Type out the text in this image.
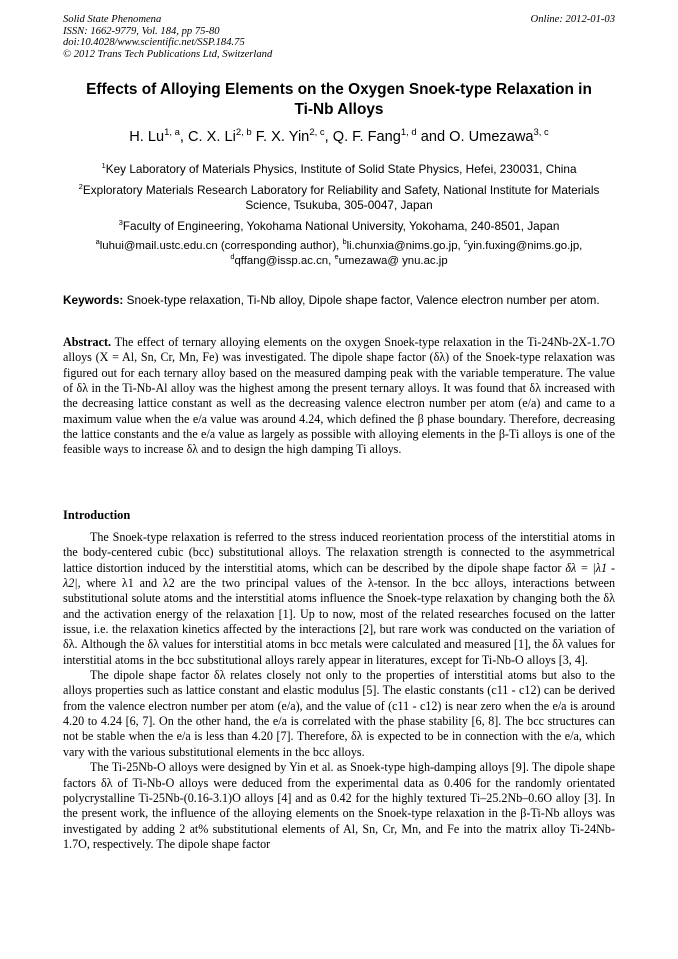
Solid State Phenomena	Online: 2012-01-03
ISSN: 1662-9779, Vol. 184, pp 75-80
doi:10.4028/www.scientific.net/SSP.184.75
© 2012 Trans Tech Publications Ltd, Switzerland
Effects of Alloying Elements on the Oxygen Snoek-type Relaxation in
Ti-Nb Alloys
H. Lu$^{1, a}$, C. X. Li$^{2, b}$ F. X. Yin$^{2, c}$, Q. F. Fang$^{1, d}$ and O. Umezawa$^{3, c}$
$^1$Key Laboratory of Materials Physics, Institute of Solid State Physics, Hefei, 230031, China
$^2$Exploratory Materials Research Laboratory for Reliability and Safety, National Institute for Materials Science, Tsukuba, 305-0047, Japan
$^3$Faculty of Engineering, Yokohama National University, Yokohama, 240-8501, Japan
$^a$luhui@mail.ustc.edu.cn (corresponding author), $^b$li.chunxia@nims.go.jp, $^c$yin.fuxing@nims.go.jp,
$^d$qffang@issp.ac.cn, $^e$umezawa@ ynu.ac.jp
Keywords: Snoek-type relaxation, Ti-Nb alloy, Dipole shape factor, Valence electron number per atom.

Abstract. The effect of ternary alloying elements on the oxygen Snoek-type relaxation in the Ti-24Nb-2X-1.7O alloys (X = Al, Sn, Cr, Mn, Fe) was investigated. The dipole shape factor (δλ) of the Snoek-type relaxation was figured out for each ternary alloy based on the measured damping peak with the variable temperature. The value of δλ in the Ti-Nb-Al alloy was the highest among the present ternary alloys. It was found that δλ increased with the decreasing lattice constant as well as the decreasing valence electron number per atom (e/a) and came to a maximum value when the e/a value was around 4.24, which defined the β phase boundary. Therefore, decreasing the lattice constants and the e/a value as largely as possible with alloying elements in the β-Ti alloys is one of the feasible ways to increase δλ and to design the high damping Ti alloys.

Introduction

The Snoek-type relaxation is referred to the stress induced reorientation process of the interstitial atoms in the body-centered cubic (bcc) substitutional alloys. The relaxation strength is connected to the asymmetrical lattice distortion induced by the interstitial atoms, which can be described by the dipole shape factor δλ = |λ1 - λ2|, where λ1 and λ2 are the two principal values of the λ-tensor. In the bcc alloys, interactions between substitutional solute atoms and the interstitial atoms influence the Snoek-type relaxation by changing both the δλ and the activation energy of the relaxation [1]. Up to now, most of the related researches focused on the latter issue, i.e. the relaxation kinetics affected by the interactions [2], but rare work was conducted on the variation of δλ. Although the δλ values for interstitial atoms in bcc metals were calculated and measured [1], the δλ values for interstitial atoms in the bcc substitutional alloys rarely appear in literatures, except for Ti-Nb-O alloys [3, 4].

The dipole shape factor δλ relates closely not only to the properties of interstitial atoms but also to the alloys properties such as lattice constant and elastic modulus [5]. The elastic constants (c11 - c12) can be derived from the valence electron number per atom (e/a), and the value of (c11 - c12) is near zero when the e/a is around 4.20 to 4.24 [6, 7]. On the other hand, the e/a is correlated with the phase stability [6, 8]. The bcc structures can not be stable when the e/a is less than 4.20 [7]. Therefore, δλ is expected to be in connection with the e/a, which vary with the various substitutional elements in the bcc alloys.

The Ti-25Nb-O alloys were designed by Yin et al. as Snoek-type high-damping alloys [9]. The dipole shape factors δλ of Ti-Nb-O alloys were deduced from the experimental data as 0.406 for the randomly orientated polycrystalline Ti-25Nb-(0.16-3.1)O alloys [4] and as 0.42 for the highly textured Ti–25.2Nb–0.6O alloy [3]. In the present work, the influence of the alloying elements on the Snoek-type relaxation in the β-Ti-Nb alloys was investigated by adding 2 at% substitutional elements of Al, Sn, Cr, Mn, and Fe into the matrix alloy Ti-24Nb-1.7O, respectively. The dipole shape factor
